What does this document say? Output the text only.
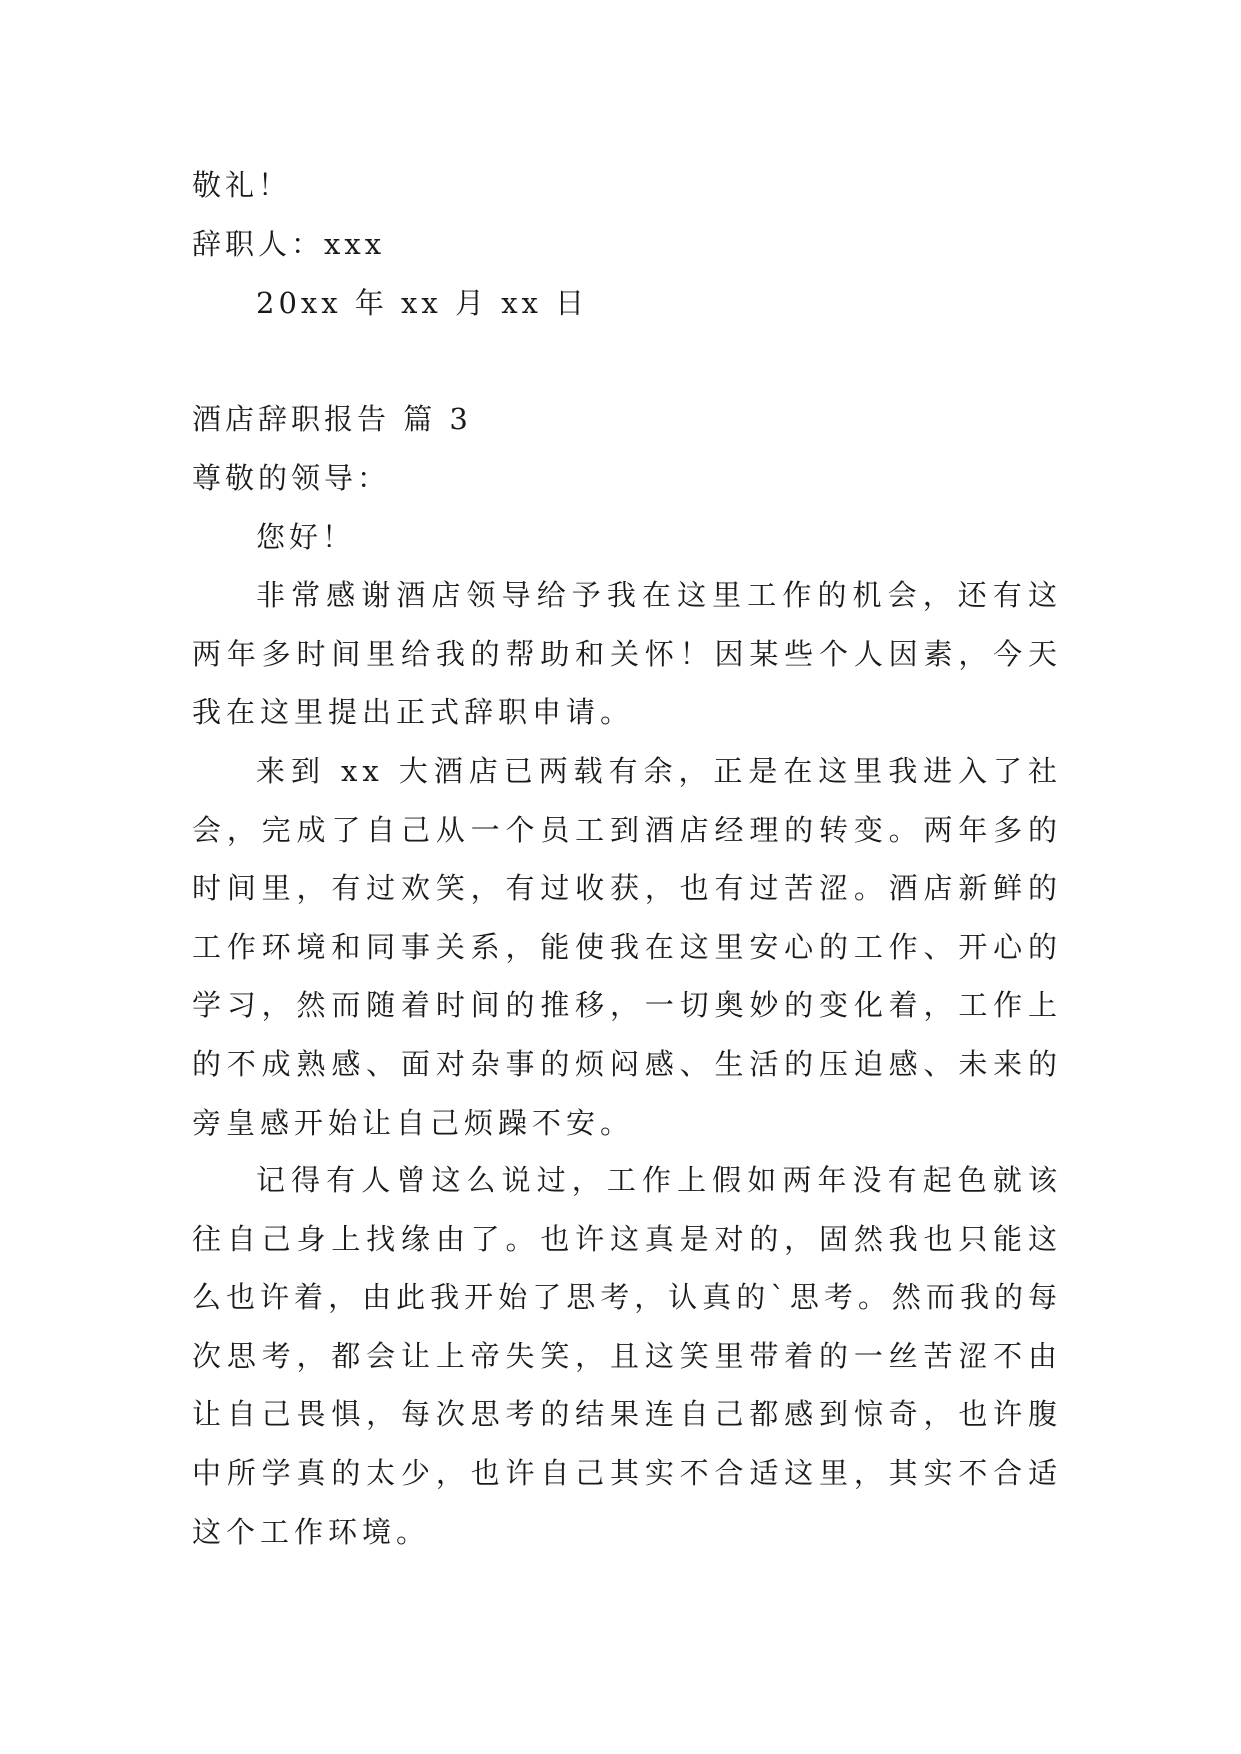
敬礼！
辞职人：xxx
20xx 年 xx 月 xx 日
酒店辞职报告 篇 3
尊敬的领导：
您好！

非常感谢酒店领导给予我在这里工作的机会，还有这两年多时间里给我的帮助和关怀！因某些个人因素，今天我在这里提出正式辞职申请。

来到 xx 大酒店已两载有余，正是在这里我进入了社会，完成了自己从一个员工到酒店经理的转变。两年多的时间里，有过欢笑，有过收获，也有过苦涩。酒店新鲜的工作环境和同事关系，能使我在这里安心的工作、开心的学习，然而随着时间的推移，一切奥妙的变化着，工作上的不成熟感、面对杂事的烦闷感、生活的压迫感、未来的旁皇感开始让自己烦躁不安。

记得有人曾这么说过，工作上假如两年没有起色就该往自己身上找缘由了。也许这真是对的，固然我也只能这么也许着，由此我开始了思考，认真的`思考。然而我的每次思考，都会让上帝失笑，且这笑里带着的一丝苦涩不由让自己畏惧，每次思考的结果连自己都感到惊奇，也许腹中所学真的太少，也许自己其实不合适这里，其实不合适这个工作环境。
